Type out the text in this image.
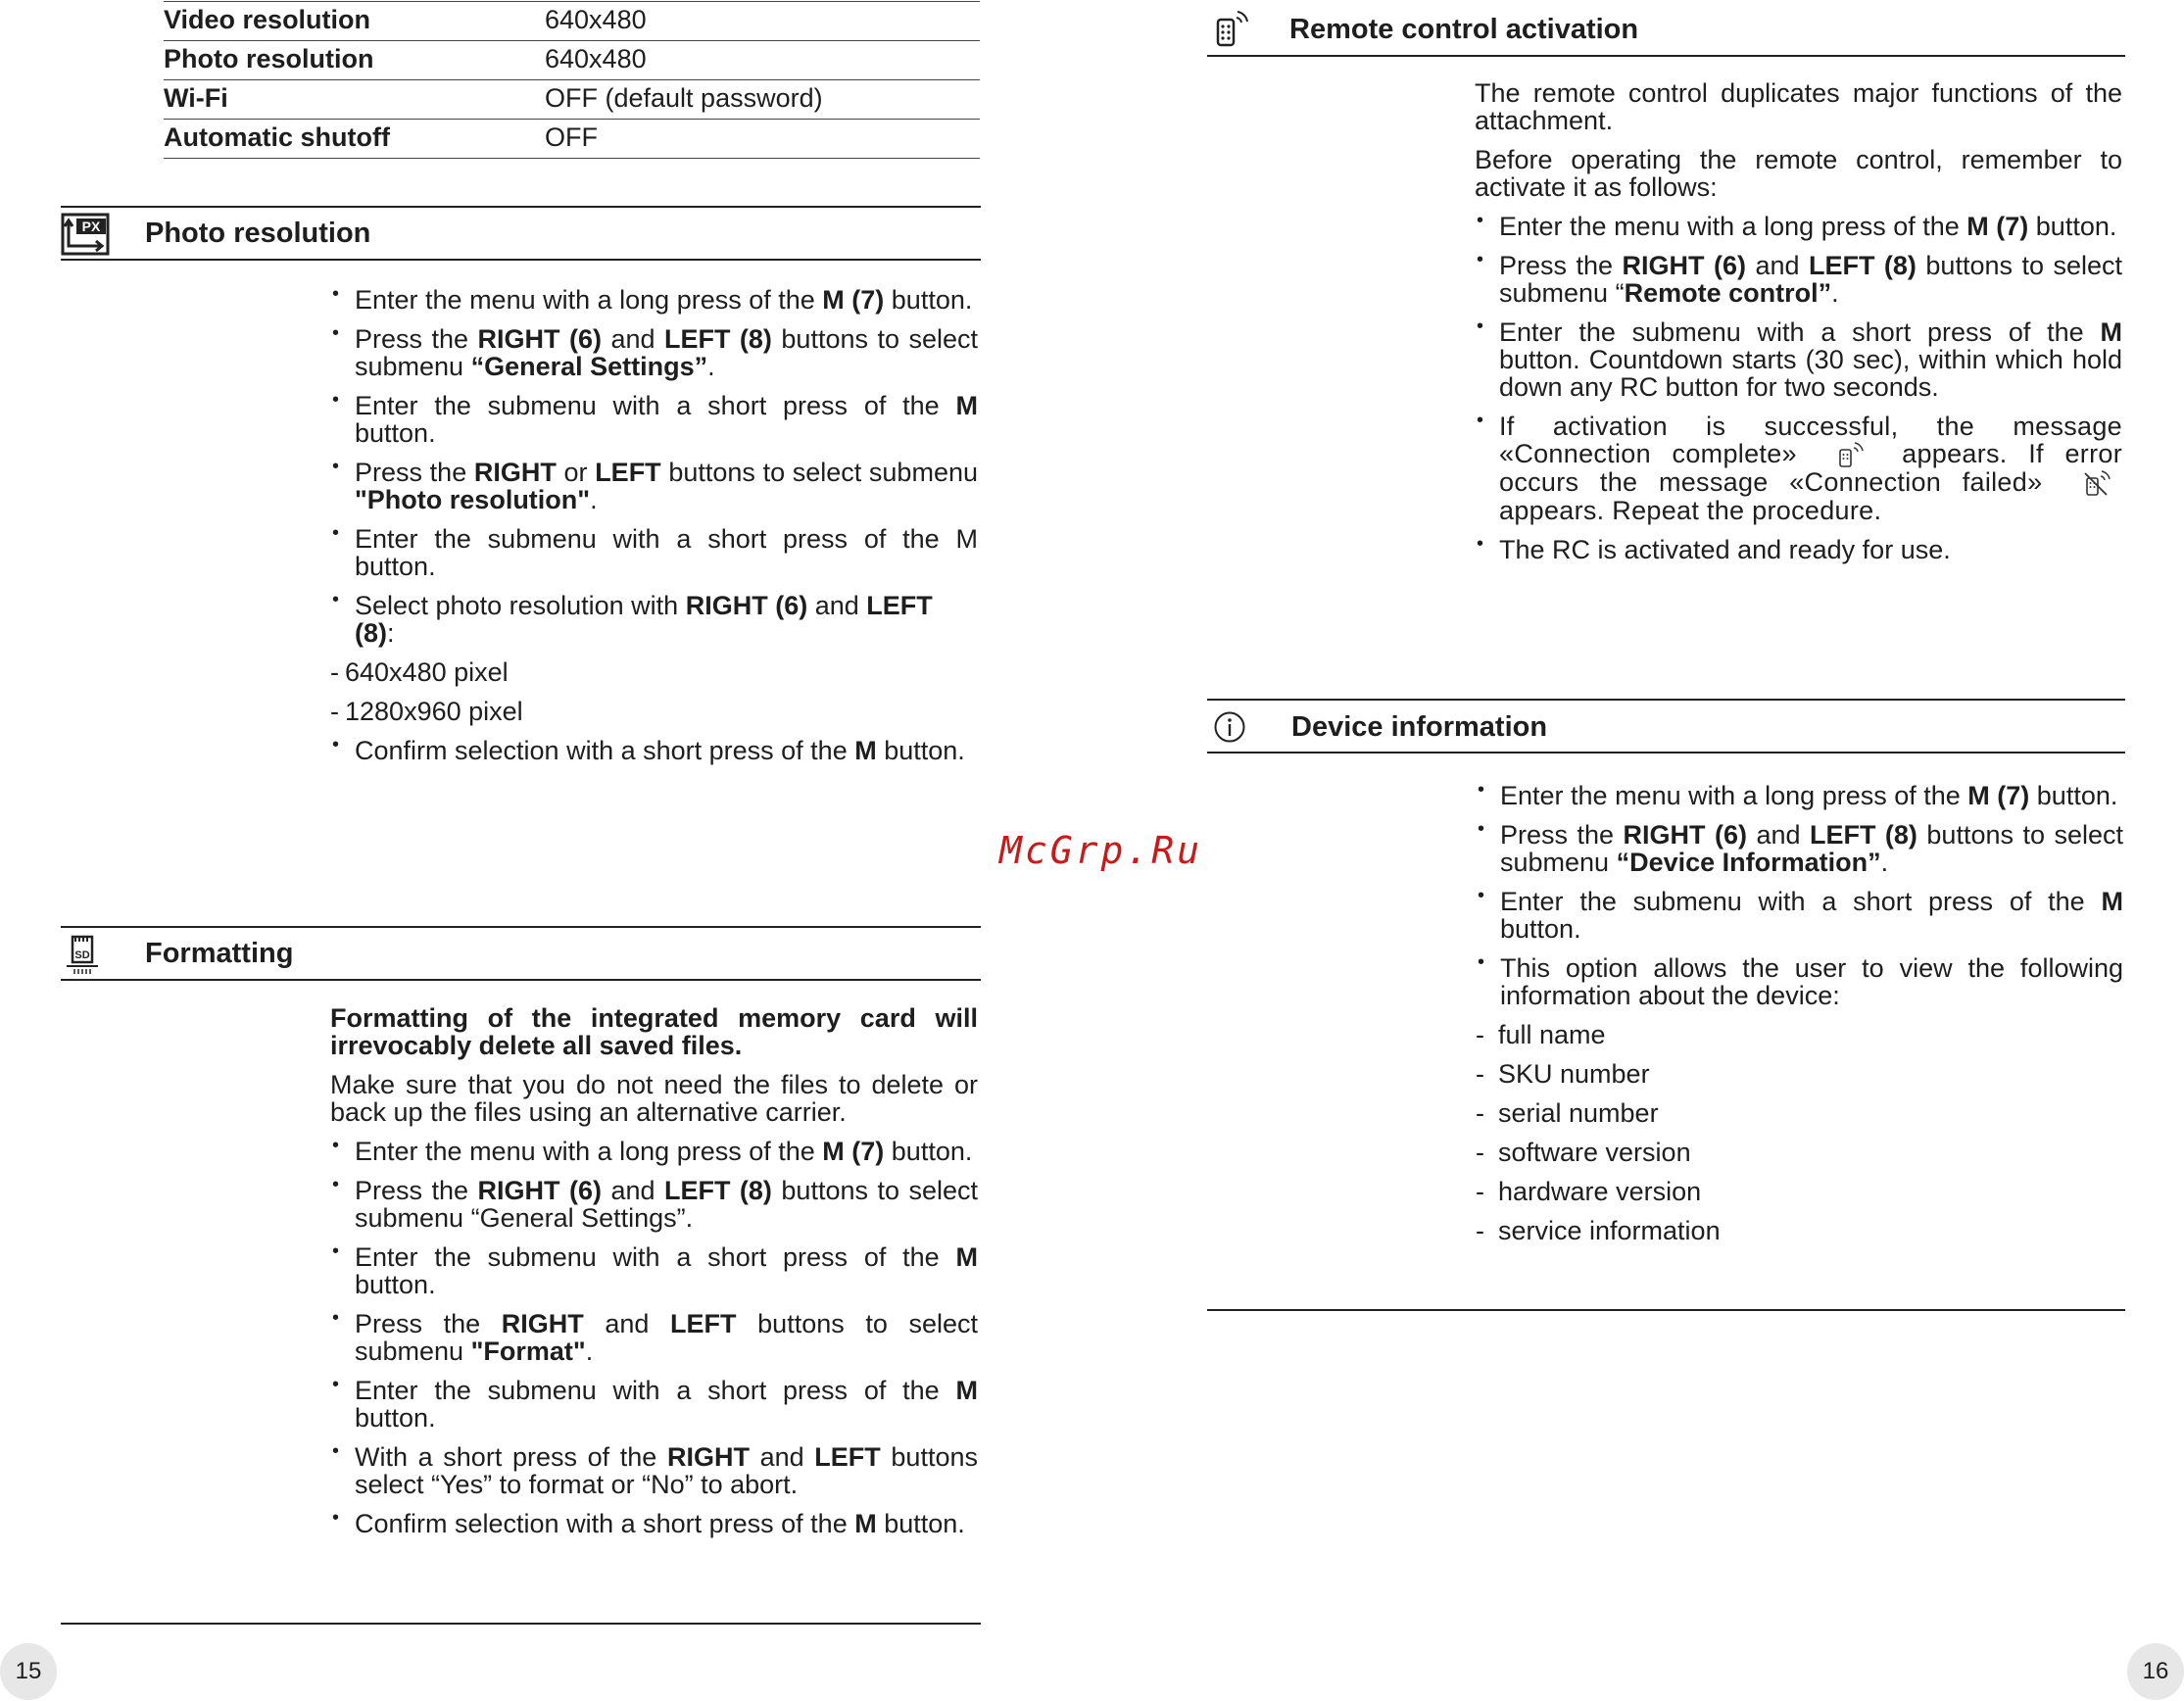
Video resolution	640x480
Photo resolution	640x480
Wi-Fi	OFF (default password)
Automatic shutoff	OFF
PX Photo resolution
• Enter the menu with a long press of the M (7) button.
• Press the RIGHT (6) and LEFT (8) buttons to select submenu “General Settings”.
• Enter the submenu with a short press of the M button.
• Press the RIGHT or LEFT buttons to select submenu "Photo resolution".
• Enter the submenu with a short press of the M button.
• Select photo resolution with RIGHT (6) and LEFT (8):
- 640x480 pixel
- 1280x960 pixel
• Confirm selection with a short press of the M button.
SD Formatting
Formatting of the integrated memory card will irrevocably delete all saved files.
Make sure that you do not need the files to delete or back up the files using an alternative carrier.
• Enter the menu with a long press of the M (7) button.
• Press the RIGHT (6) and LEFT (8) buttons to select submenu “General Settings”.
• Enter the submenu with a short press of the M button.
• Press the RIGHT and LEFT buttons to select submenu "Format".
• Enter the submenu with a short press of the M button.
• With a short press of the RIGHT and LEFT buttons select “Yes” to format or “No” to abort.
• Confirm selection with a short press of the M button.
15
McGrp.Ru
Remote control activation
The remote control duplicates major functions of the attachment.
Before operating the remote control, remember to activate it as follows:
• Enter the menu with a long press of the M (7) button.
• Press the RIGHT (6) and LEFT (8) buttons to select submenu “Remote control”.
• Enter the submenu with a short press of the M button. Countdown starts (30 sec), within which hold down any RC button for two seconds.
• If activation is successful, the message «Connection complete»	appears. If error occurs the message «Connection failed»  appears. Repeat the procedure.
• The RC is activated and ready for use.
Device information
• Enter the menu with a long press of the M (7) button.
• Press the RIGHT (6) and LEFT (8) buttons to select submenu “Device Information”.
• Enter the submenu with a short press of the M button.
• This option allows the user to view the following information about the device:
- full name
- SKU number
- serial number
- software version
- hardware version
- service information
16
